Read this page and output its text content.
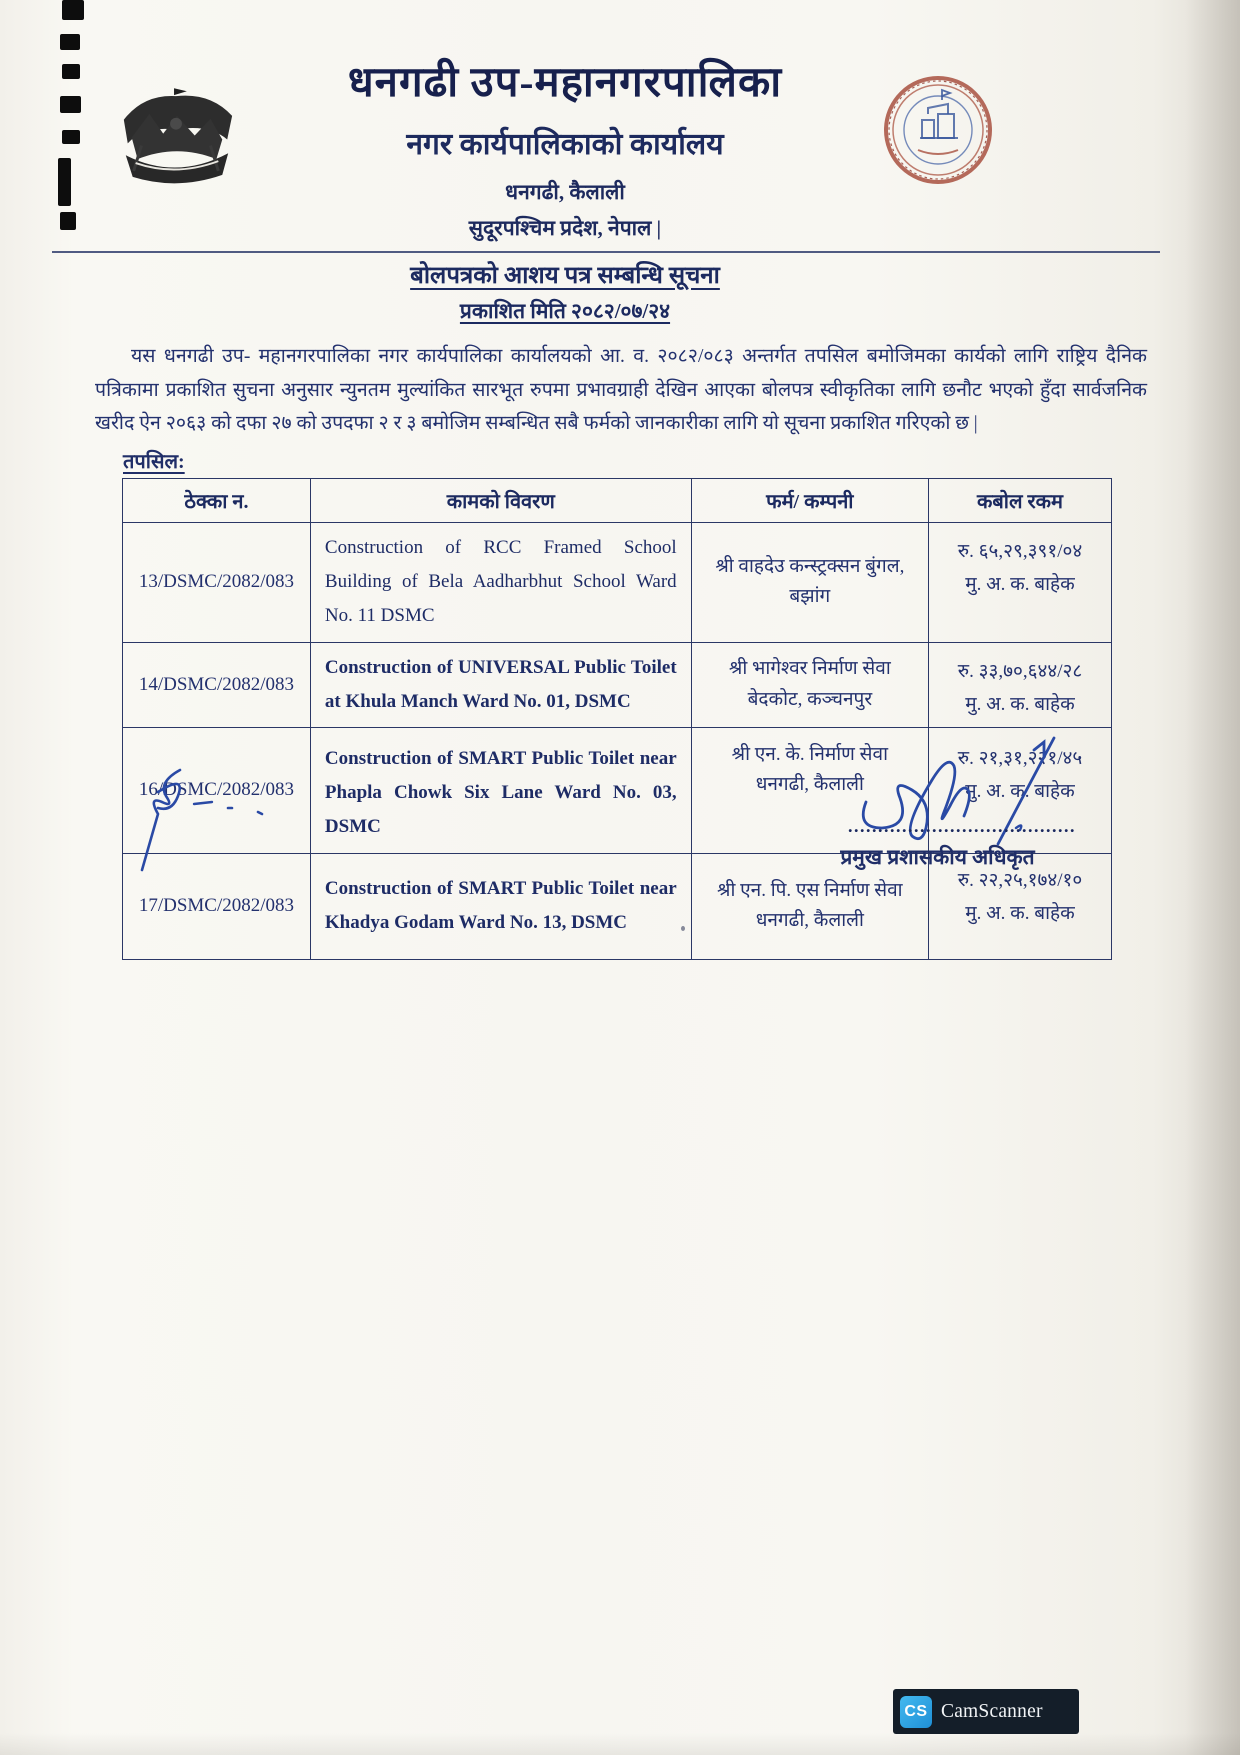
धनगढी उप-महानगरपालिका
नगर कार्यपालिकाको कार्यालय
धनगढी, कैलाली
सुदूरपश्चिम प्रदेश, नेपाल |
बोलपत्रको आशय पत्र सम्बन्धि सूचना
प्रकाशित मिति २०८२/०७/२४
यस धनगढी उप- महानगरपालिका नगर कार्यपालिका कार्यालयको आ. व. २०८२/०८३ अन्तर्गत तपसिल बमोजिमका कार्यको लागि राष्ट्रिय दैनिक पत्रिकामा प्रकाशित सुचना अनुसार न्युनतम मुल्यांकित सारभूत रुपमा प्रभावग्राही देखिन आएका बोलपत्र स्वीकृतिका लागि छनौट भएको हुँदा सार्वजनिक खरीद ऐन २०६३ को दफा २७ को उपदफा २ र ३ बमोजिम सम्बन्धित सबै फर्मको जानकारीका लागि यो सूचना प्रकाशित गरिएको छ |
तपसिल:
ठेक्का न.	कामको विवरण	फर्म/ कम्पनी	कबोल रकम
13/DSMC/2082/083	Construction of RCC Framed School Building of Bela Aadharbhut School Ward No. 11 DSMC	श्री वाहदेउ कन्स्ट्रक्सन बुंगल, बझांग	रु. ६५,२९,३९१/०४
मु. अ. क. बाहेक

14/DSMC/2082/083	Construction of UNIVERSAL Public Toilet at Khula Manch Ward No. 01, DSMC	श्री भागेश्वर निर्माण सेवा बेदकोट, कञ्चनपुर	रु. ३३,७०,६४४/२८
मु. अ. क. बाहेक

16/DSMC/2082/083	Construction of SMART Public Toilet near Phapla Chowk Six Lane Ward No. 03, DSMC	श्री एन. के. निर्माण सेवा धनगढी, कैलाली	रु. २१,३१,२२१/४५
मु. अ. क. बाहेक

17/DSMC/2082/083	Construction of SMART Public Toilet near Khadya Godam Ward No. 13, DSMC	श्री एन. पि. एस निर्माण सेवा धनगढी, कैलाली	रु. २२,२५,१७४/१०
मु. अ. क. बाहेक
......................................
प्रमुख प्रशासकीय अधिकृत
CS CamScanner
